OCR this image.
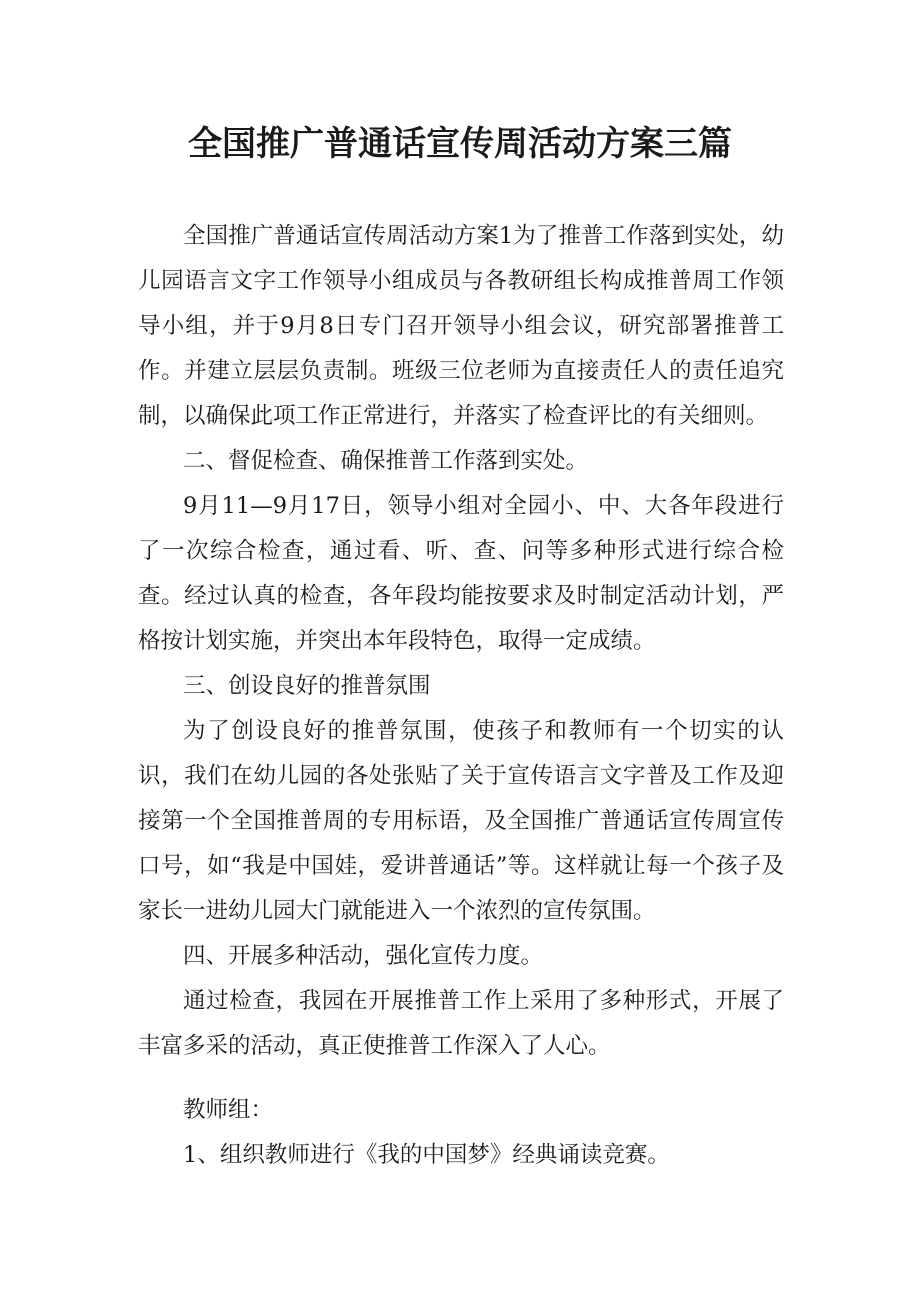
全国推广普通话宣传周活动方案三篇

全国推广普通话宣传周活动方案1为了推普工作落到实处，幼儿园语言文字工作领导小组成员与各教研组长构成推普周工作领导小组，并于9月8日专门召开领导小组会议，研究部署推普工作。并建立层层负责制。班级三位老师为直接责任人的责任追究制，以确保此项工作正常进行，并落实了检查评比的有关细则。

二、督促检查、确保推普工作落到实处。

9月11—9月17日，领导小组对全园小、中、大各年段进行了一次综合检查，通过看、听、查、问等多种形式进行综合检查。经过认真的检查，各年段均能按要求及时制定活动计划，严格按计划实施，并突出本年段特色，取得一定成绩。

三、创设良好的推普氛围

为了创设良好的推普氛围，使孩子和教师有一个切实的认识，我们在幼儿园的各处张贴了关于宣传语言文字普及工作及迎接第一个全国推普周的专用标语，及全国推广普通话宣传周宣传口号，如“我是中国娃，爱讲普通话”等。这样就让每一个孩子及家长一进幼儿园大门就能进入一个浓烈的宣传氛围。

四、开展多种活动，强化宣传力度。

通过检查，我园在开展推普工作上采用了多种形式，开展了丰富多采的活动，真正使推普工作深入了人心。

教师组：

1、组织教师进行《我的中国梦》经典诵读竞赛。
